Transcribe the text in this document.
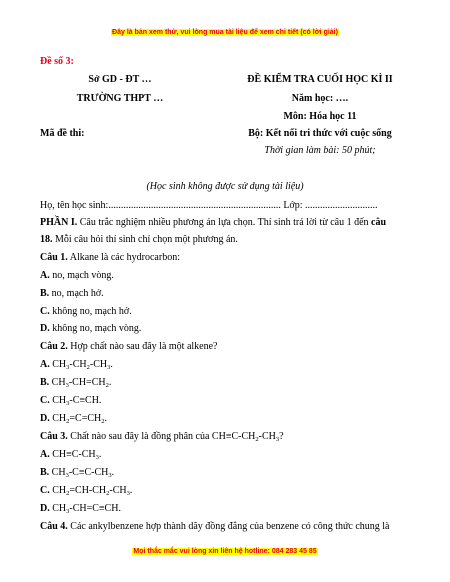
Đây là bản xem thử, vui lòng mua tài liệu để xem chi tiết (có lời giải)
Đề số 3:
Sở GD - ĐT …
TRƯỜNG THPT …
Mã đề thi:
ĐỀ KIỂM TRA CUỐI HỌC KÌ II
Năm học: ….
Môn: Hóa học 11
Bộ: Kết nối tri thức với cuộc sống
Thời gian làm bài: 50 phút;
(Học sinh không được sử dụng tài liệu)
Họ, tên học sinh:..................................................................... Lớp: .............................
PHẦN I. Câu trắc nghiệm nhiều phương án lựa chọn. Thí sinh trả lời từ câu 1 đến câu
18. Mỗi câu hỏi thí sinh chỉ chọn một phương án.
Câu 1. Alkane là các hydrocarbon:
A. no, mạch vòng.
B. no, mạch hở.
C. không no, mạch hở.
D. không no, mạch vòng.
Câu 2. Hợp chất nào sau đây là một alkene?
A. $CH_3-CH_2-CH_3$.
B. $CH_3-CH=CH_2$.
C. $CH_3-C\equiv CH$.
D. $CH_2=C=CH_2$.
Câu 3. Chất nào sau đây là đồng phân của $CH\equiv C-CH_2-CH_3$?
A. $CH\equiv C-CH_3$.
B. $CH_3-C\equiv C-CH_3$.
C. $CH_2=CH-CH_2-CH_3$.
D. $CH_3-CH=C\equiv CH$.
Câu 4. Các ankylbenzene hợp thành dãy đồng đẳng của benzene có công thức chung là
Mọi thắc mắc vui lòng xin liên hệ hotline: 084 283 45 85
